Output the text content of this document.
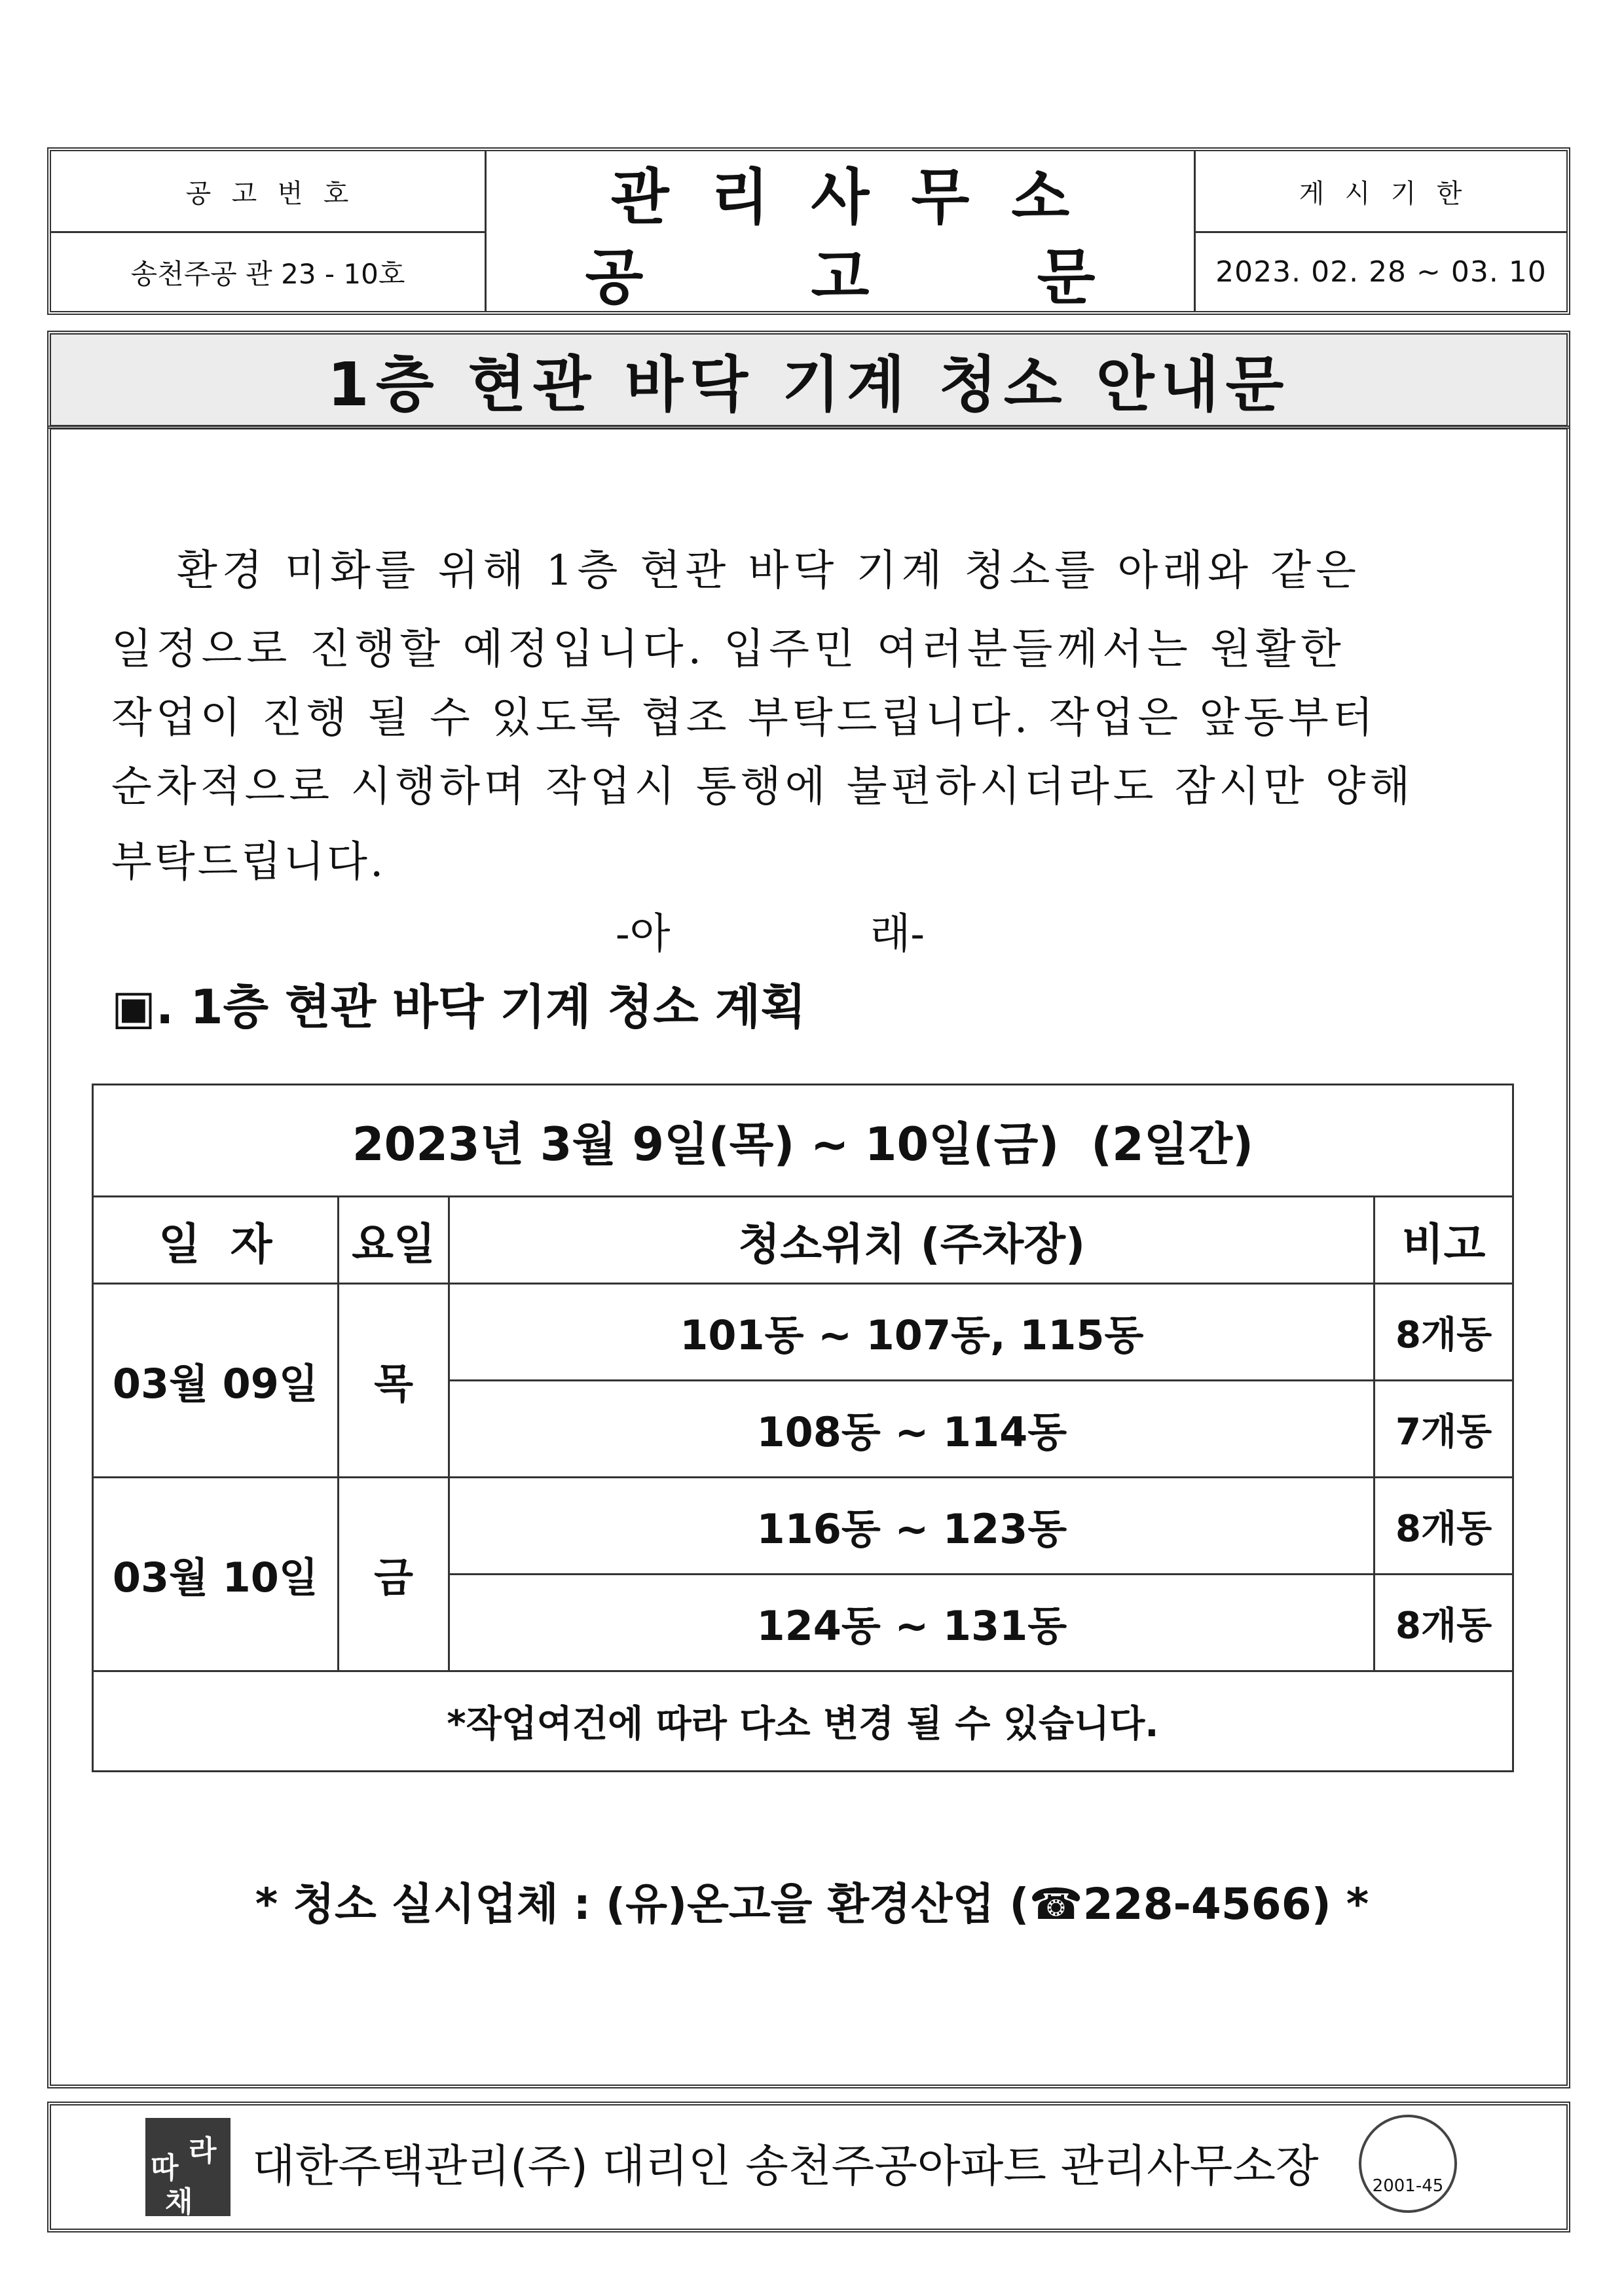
공  고  번  호
송천주공 관 23 - 10호
관  리  사  무  소
공        고        문
게  시  기  한
2023. 02. 28 ~ 03. 10
1층 현관 바닥 기계 청소 안내문
환경 미화를 위해 1층 현관 바닥 기계 청소를 아래와 같은
일정으로 진행할 예정입니다. 입주민 여러분들께서는 원활한
작업이 진행 될 수 있도록 협조 부탁드립니다. 작업은 앞동부터
순차적으로 시행하며 작업시 통행에 불편하시더라도 잠시만 양해
부탁드립니다.
-아               래-
▣. 1층 현관 바닥 기계 청소 계획
2023년 3월 9일(목) ~ 10일(금)  (2일간)			
일  자	요일	청소위치 (주차장)	비고
03월 09일	목	101동 ~ 107동, 115동	8개동
		108동 ~ 114동	7개동
03월 10일	금	116동 ~ 123동	8개동
		124동 ~ 131동	8개동
*작업여건에 따라 다소 변경 될 수 있습니다.			
* 청소 실시업체 : (유)온고을 환경산업 (☎228-4566) *
따
라
채
대한주택관리(주) 대리인 송천주공아파트 관리사무소장	2001-45
